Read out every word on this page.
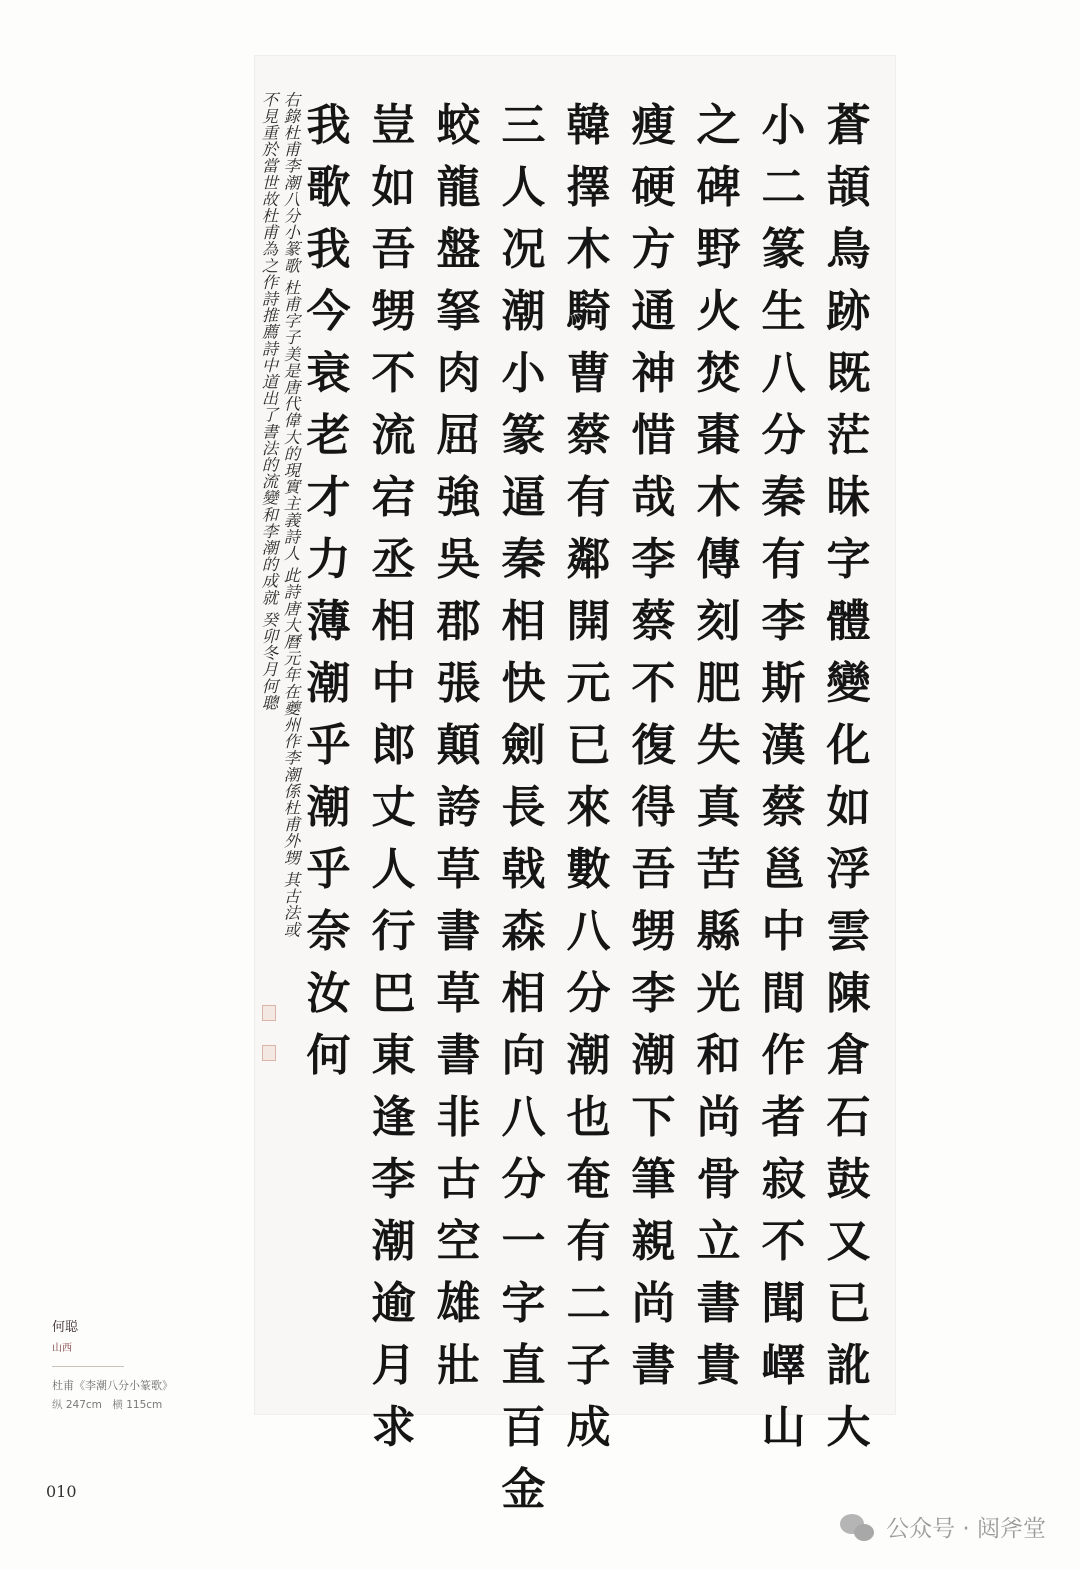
蒼
頡
鳥
跡
既
茫
昧
字
體
變
化
如
浮
雲
陳
倉
石
鼓
又
已
訛
大
小
二
篆
生
八
分
秦
有
李
斯
漢
蔡
邕
中
間
作
者
寂
不
聞
嶧
山
之
碑
野
火
焚
棗
木
傳
刻
肥
失
真
苦
縣
光
和
尚
骨
立
書
貴
瘦
硬
方
通
神
惜
哉
李
蔡
不
復
得
吾
甥
李
潮
下
筆
親
尚
書
韓
擇
木
騎
曹
蔡
有
鄰
開
元
已
來
數
八
分
潮
也
奄
有
二
子
成
三
人
况
潮
小
篆
逼
秦
相
快
劍
長
戟
森
相
向
八
分
一
字
直
百
金
蛟
龍
盤
拏
肉
屈
強
吳
郡
張
顛
誇
草
書
草
書
非
古
空
雄
壯
豈
如
吾
甥
不
流
宕
丞
相
中
郎
丈
人
行
巴
東
逢
李
潮
逾
月
求
我
歌
我
今
衰
老
才
力
薄
潮
乎
潮
乎
奈
汝
何
右錄杜甫李潮八分小篆歌 杜甫字子美是唐代偉大的現實主義詩人 此詩唐大曆元年在夔州作李潮係杜甫外甥 其古法或
不見重於當世故杜甫為之作詩推薦詩中道出了書法的流變和李潮的成就 癸卯冬月何聰
何聪
山西
杜甫《李潮八分小篆歌》
纵 247cm　横 115cm
010
公众号 · 闼斧堂
